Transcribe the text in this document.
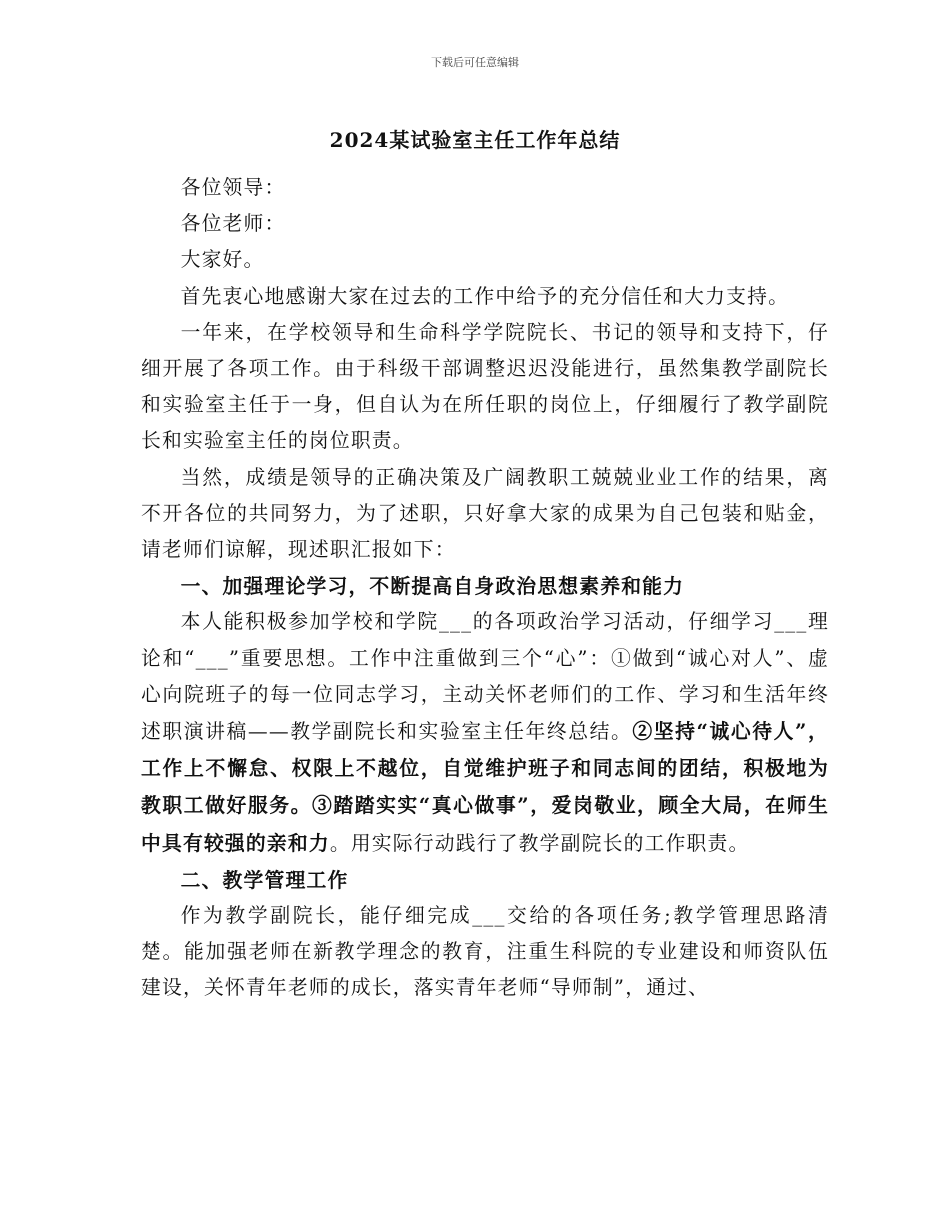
下载后可任意编辑
2024某试验室主任工作年总结

各位领导：

各位老师：

大家好。

首先衷心地感谢大家在过去的工作中给予的充分信任和大力支持。

一年来，在学校领导和生命科学学院院长、书记的领导和支持下，仔细开展了各项工作。由于科级干部调整迟迟没能进行，虽然集教学副院长和实验室主任于一身，但自认为在所任职的岗位上，仔细履行了教学副院长和实验室主任的岗位职责。

当然，成绩是领导的正确决策及广阔教职工兢兢业业工作的结果，离不开各位的共同努力，为了述职，只好拿大家的成果为自己包装和贴金，请老师们谅解，现述职汇报如下：

一、加强理论学习，不断提高自身政治思想素养和能力

本人能积极参加学校和学院___的各项政治学习活动，仔细学习___理论和“___”重要思想。工作中注重做到三个“心”：①做到“诚心对人”、虚心向院班子的每一位同志学习，主动关怀老师们的工作、学习和生活年终述职演讲稿——教学副院长和实验室主任年终总结。②坚持“诚心待人”，工作上不懈怠、权限上不越位，自觉维护班子和同志间的团结，积极地为教职工做好服务。③踏踏实实“真心做事”，爱岗敬业，顾全大局，在师生中具有较强的亲和力。用实际行动践行了教学副院长的工作职责。

二、教学管理工作

作为教学副院长，能仔细完成___交给的各项任务;教学管理思路清楚。能加强老师在新教学理念的教育，注重生科院的专业建设和师资队伍建设，关怀青年老师的成长，落实青年老师“导师制”，通过、
